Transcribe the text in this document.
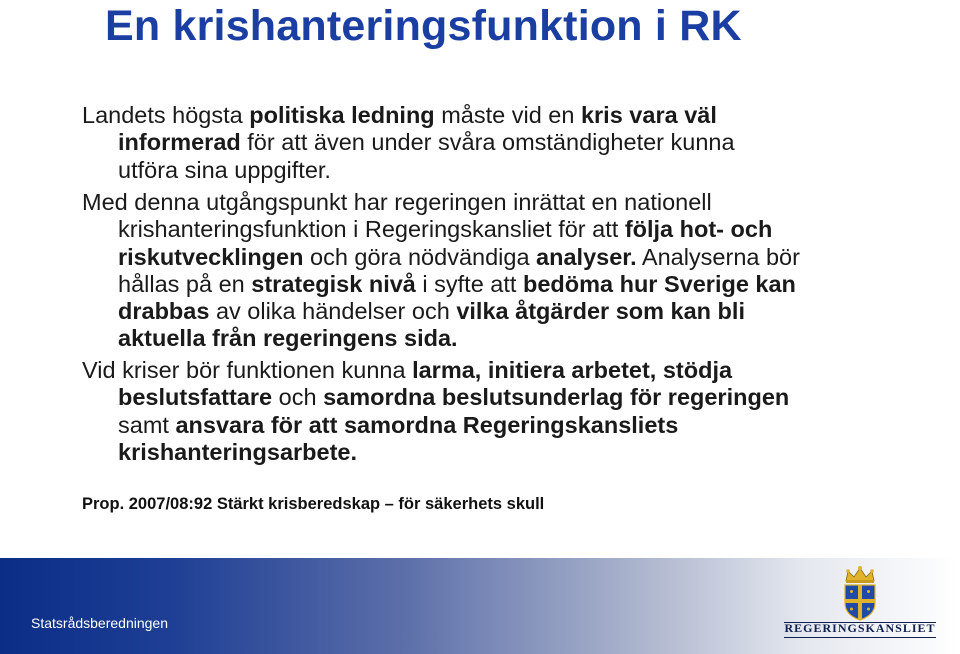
En krishanteringsfunktion i RK
Landets högsta politiska ledning måste vid en kris vara väl
informerad för att även under svåra omständigheter kunna
utföra sina uppgifter.
Med denna utgångspunkt har regeringen inrättat en nationell
krishanteringsfunktion i Regeringskansliet för att följa hot- och
riskutvecklingen och göra nödvändiga analyser. Analyserna bör
hållas på en strategisk nivå i syfte att bedöma hur Sverige kan
drabbas av olika händelser och vilka åtgärder som kan bli
aktuella från regeringens sida.
Vid kriser bör funktionen kunna larma, initiera arbetet, stödja
beslutsfattare och samordna beslutsunderlag för regeringen
samt ansvara för att samordna Regeringskansliets
krishanteringsarbete.

Prop. 2007/08:92 Stärkt krisberedskap – för säkerhets skull

Statsrådsberedningen	REGERINGSKANSLIET
